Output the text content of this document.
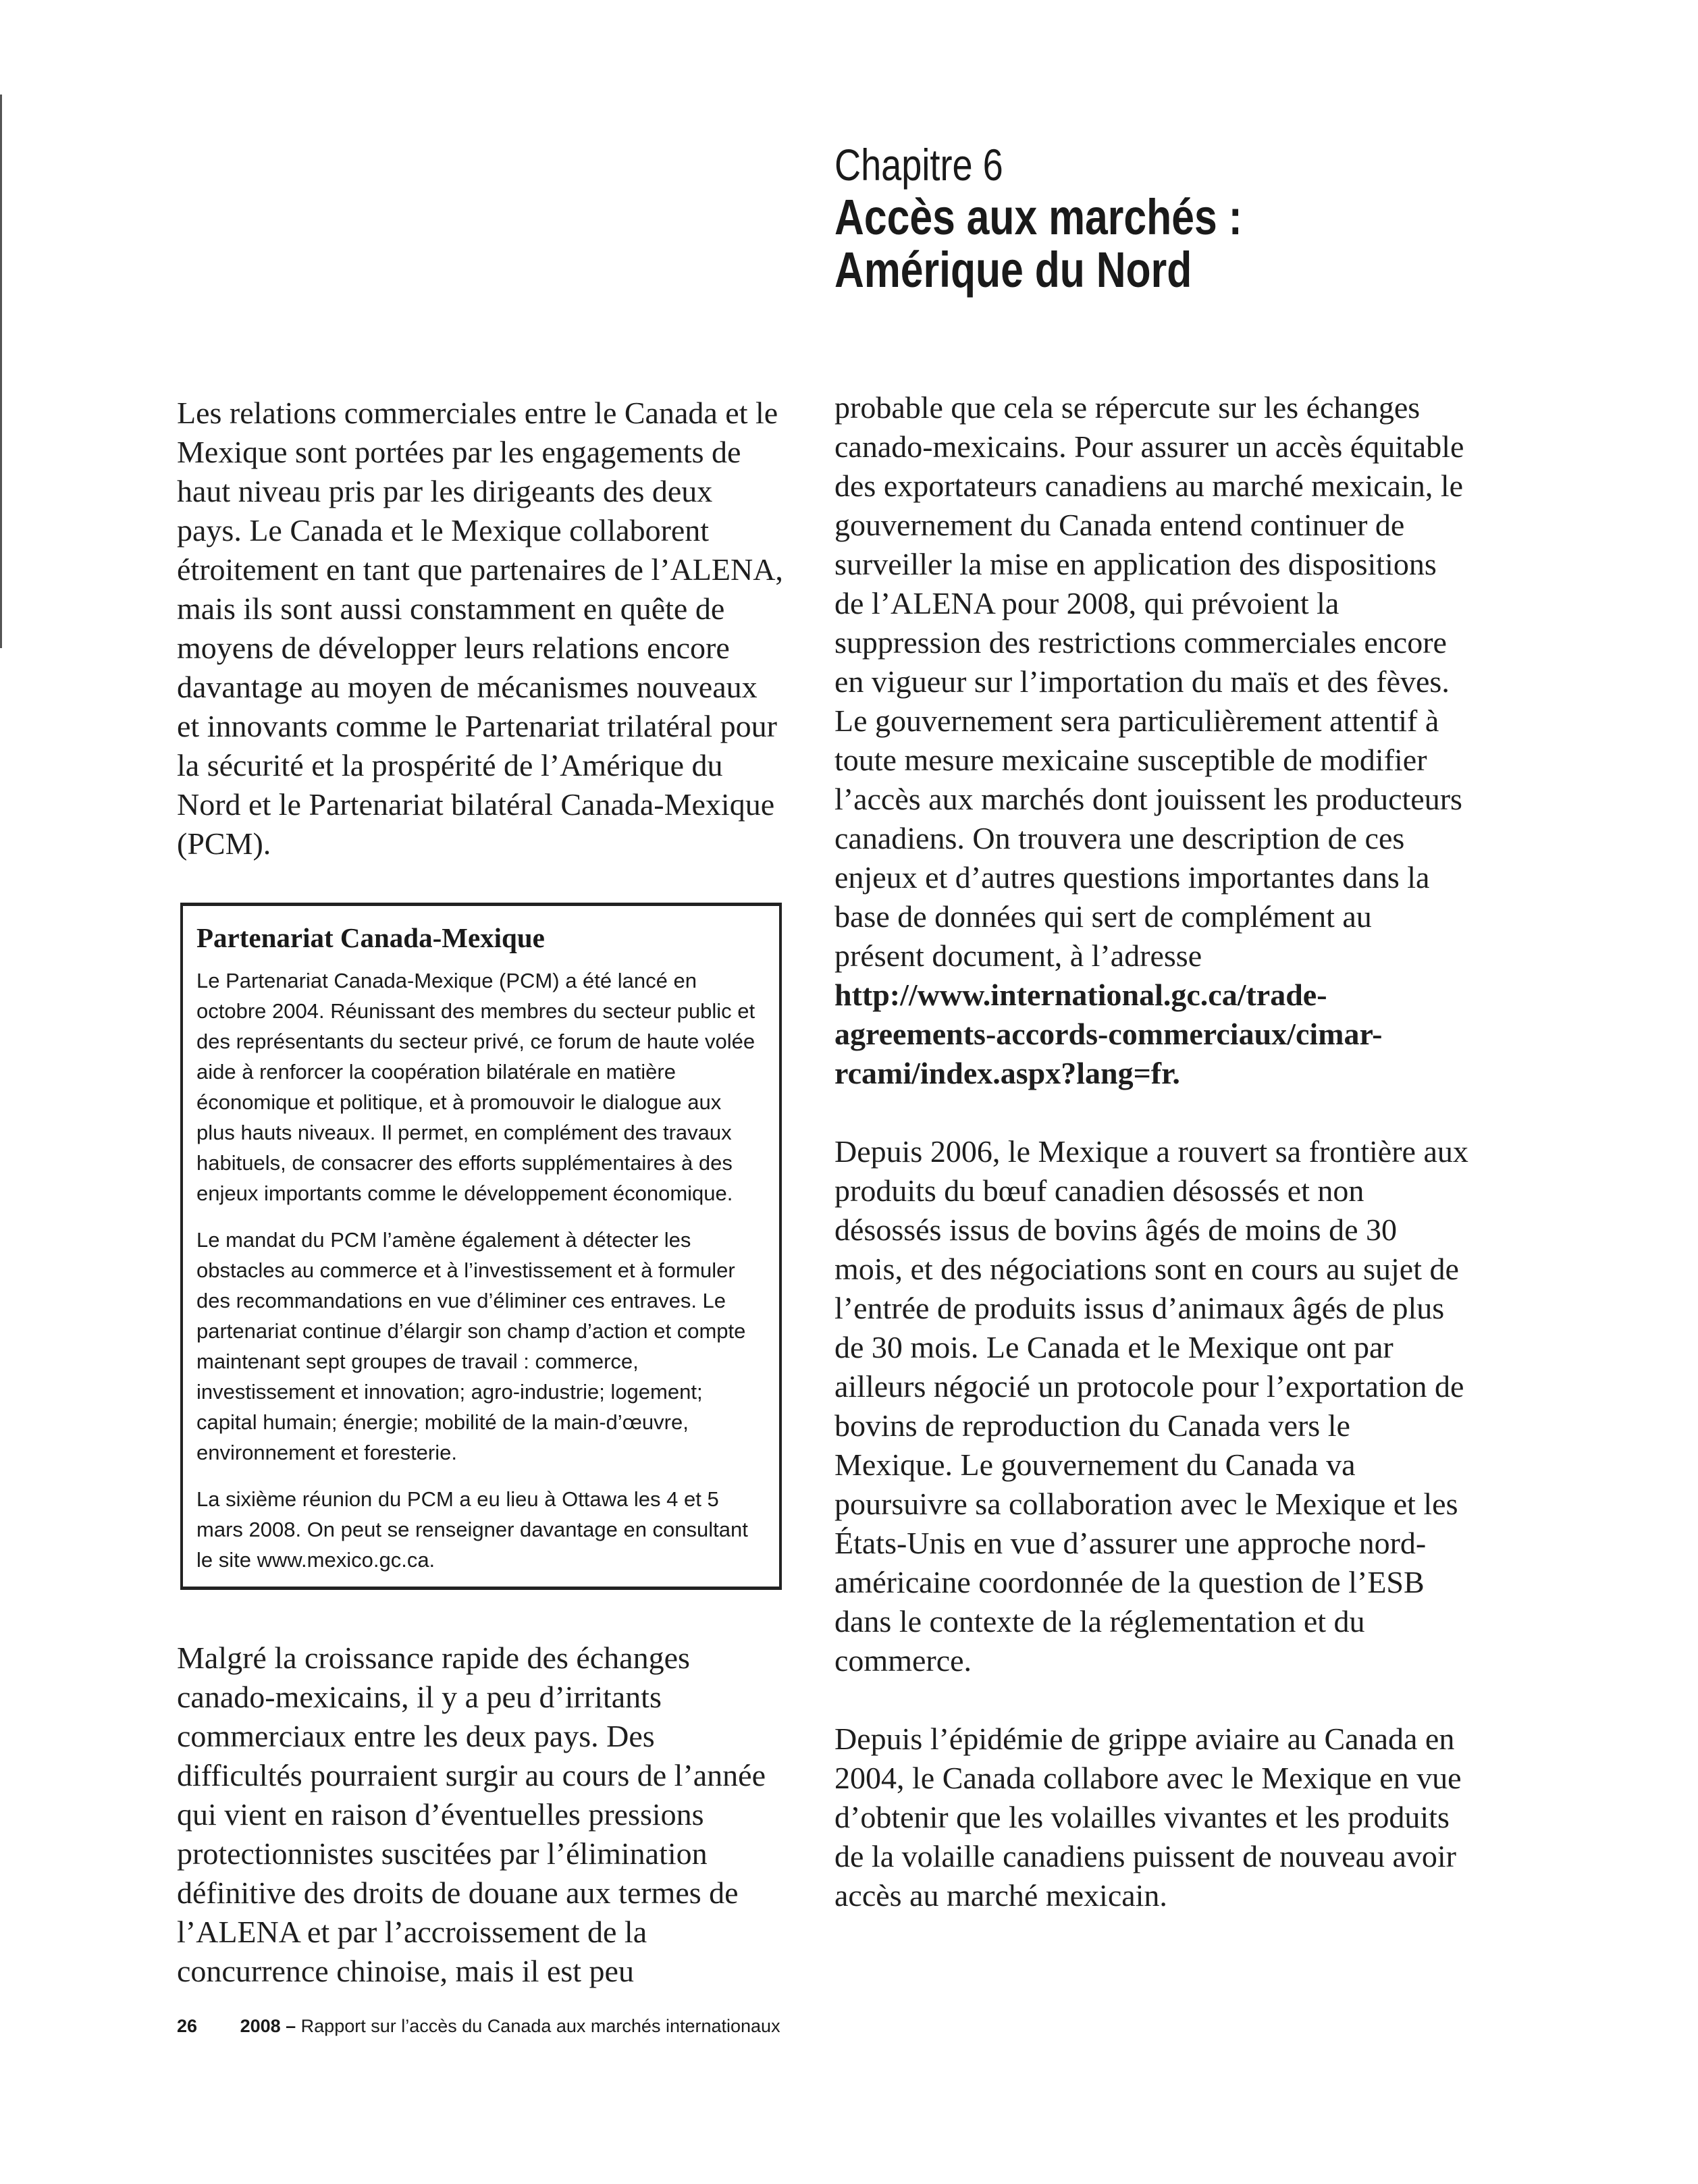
Chapitre 6
Accès aux marchés :
Amérique du Nord

Les relations commerciales entre le Canada et le Mexique sont portées par les engagements de haut niveau pris par les dirigeants des deux pays. Le Canada et le Mexique collaborent étroitement en tant que partenaires de l’ALENA, mais ils sont aussi constamment en quête de moyens de développer leurs relations encore davantage au moyen de mécanismes nouveaux et innovants comme le Partenariat trilatéral pour la sécurité et la prospérité de l’Amérique du Nord et le Partenariat bilatéral Canada-Mexique (PCM).

Partenariat Canada-Mexique

Le Partenariat Canada-Mexique (PCM) a été lancé en octobre 2004. Réunissant des membres du secteur public et des représentants du secteur privé, ce forum de haute volée aide à renforcer la coopération bilatérale en matière économique et politique, et à promouvoir le dialogue aux plus hauts niveaux. Il permet, en complément des travaux habituels, de consacrer des efforts supplémentaires à des enjeux importants comme le développement économique.

Le mandat du PCM l’amène également à détecter les obstacles au commerce et à l’investissement et à formuler des recommandations en vue d’éliminer ces entraves. Le partenariat continue d’élargir son champ d’action et compte maintenant sept groupes de travail : commerce, investissement et innovation; agro-industrie; logement; capital humain; énergie; mobilité de la main-d’œuvre, environnement et foresterie.

La sixième réunion du PCM a eu lieu à Ottawa les 4 et 5 mars 2008. On peut se renseigner davantage en consultant le site www.mexico.gc.ca.

Malgré la croissance rapide des échanges canado-mexicains, il y a peu d’irritants commerciaux entre les deux pays. Des difficultés pourraient surgir au cours de l’année qui vient en raison d’éventuelles pressions protectionnistes suscitées par l’élimination définitive des droits de douane aux termes de l’ALENA et par l’accroissement de la concurrence chinoise, mais il est peu

probable que cela se répercute sur les échanges canado-mexicains. Pour assurer un accès équitable des exportateurs canadiens au marché mexicain, le gouvernement du Canada entend continuer de surveiller la mise en application des dispositions de l’ALENA pour 2008, qui prévoient la suppression des restrictions commerciales encore en vigueur sur l’importation du maïs et des fèves. Le gouvernement sera particulièrement attentif à toute mesure mexicaine susceptible de modifier l’accès aux marchés dont jouissent les producteurs canadiens. On trouvera une description de ces enjeux et d’autres questions importantes dans la base de données qui sert de complément au présent document, à l’adresse http://www.international.gc.ca/trade-agreements-accords-commerciaux/cimar-rcami/index.aspx?lang=fr.

Depuis 2006, le Mexique a rouvert sa frontière aux produits du bœuf canadien désossés et non désossés issus de bovins âgés de moins de 30 mois, et des négociations sont en cours au sujet de l’entrée de produits issus d’animaux âgés de plus de 30 mois. Le Canada et le Mexique ont par ailleurs négocié un protocole pour l’exportation de bovins de reproduction du Canada vers le Mexique. Le gouvernement du Canada va poursuivre sa collaboration avec le Mexique et les États-Unis en vue d’assurer une approche nord-américaine coordonnée de la question de l’ESB dans le contexte de la réglementation et du commerce.

Depuis l’épidémie de grippe aviaire au Canada en 2004, le Canada collabore avec le Mexique en vue d’obtenir que les volailles vivantes et les produits de la volaille canadiens puissent de nouveau avoir accès au marché mexicain.

26 2008 – Rapport sur l’accès du Canada aux marchés internationaux
